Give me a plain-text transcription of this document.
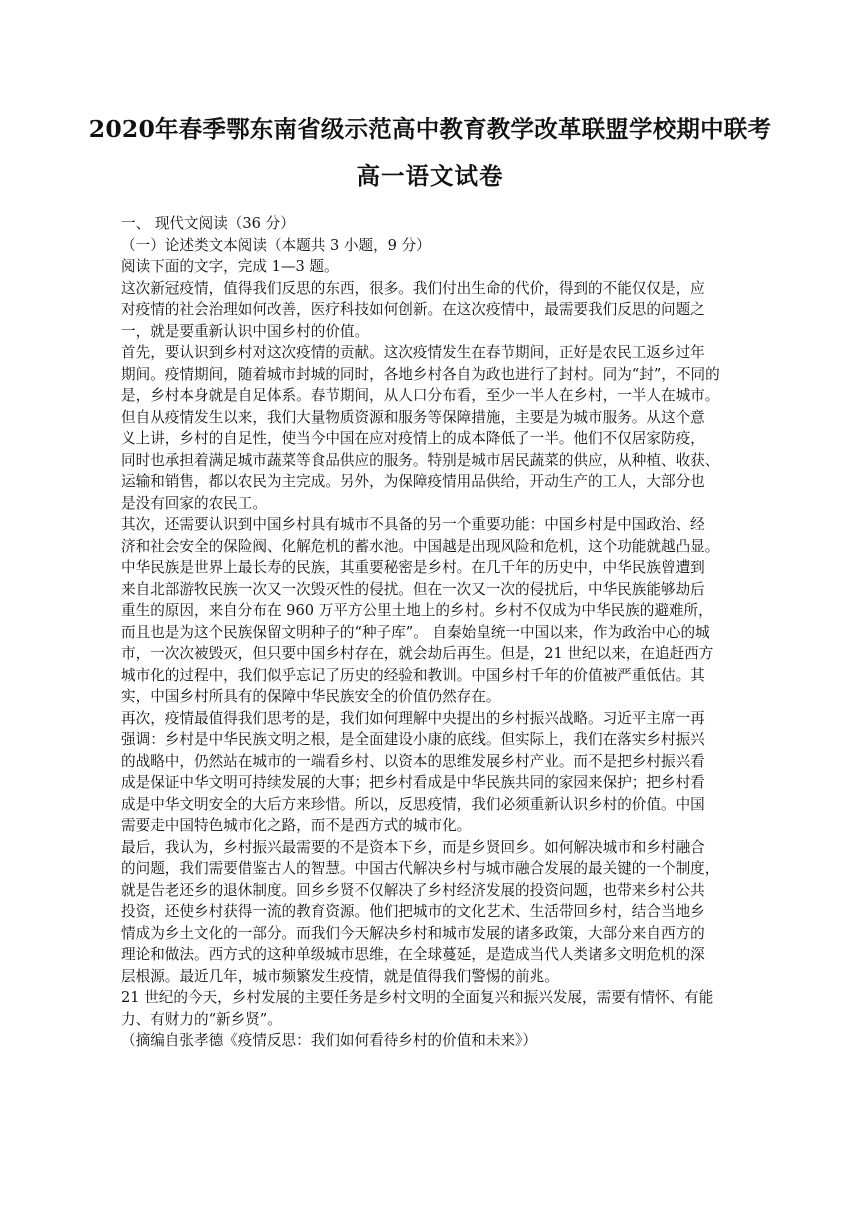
2020年春季鄂东南省级示范高中教育教学改革联盟学校期中联考
高一语文试卷
一、 现代文阅读（36 分）
（一）论述类文本阅读（本题共 3 小题，9 分）
阅读下面的文字，完成 1—3 题。
这次新冠疫情，值得我们反思的东西，很多。我们付出生命的代价，得到的不能仅仅是，应
对疫情的社会治理如何改善，医疗科技如何创新。在这次疫情中，最需要我们反思的问题之
一，就是要重新认识中国乡村的价值。
首先，要认识到乡村对这次疫情的贡献。这次疫情发生在春节期间，正好是农民工返乡过年
期间。疫情期间，随着城市封城的同时，各地乡村各自为政也进行了封村。同为“封”，不同的
是，乡村本身就是自足体系。春节期间，从人口分布看，至少一半人在乡村，一半人在城市。
但自从疫情发生以来，我们大量物质资源和服务等保障措施，主要是为城市服务。从这个意
义上讲，乡村的自足性，使当今中国在应对疫情上的成本降低了一半。他们不仅居家防疫，
同时也承担着满足城市蔬菜等食品供应的服务。特别是城市居民蔬菜的供应，从种植、收获、
运输和销售，都以农民为主完成。另外，为保障疫情用品供给，开动生产的工人，大部分也
是没有回家的农民工。
其次，还需要认识到中国乡村具有城市不具备的另一个重要功能：中国乡村是中国政治、经
济和社会安全的保险阀、化解危机的蓄水池。中国越是出现风险和危机，这个功能就越凸显。
中华民族是世界上最长寿的民族，其重要秘密是乡村。在几千年的历史中，中华民族曾遭到
来自北部游牧民族一次又一次毁灭性的侵扰。但在一次又一次的侵扰后，中华民族能够劫后
重生的原因，来自分布在 960 万平方公里土地上的乡村。乡村不仅成为中华民族的避难所，
而且也是为这个民族保留文明种子的“种子库”。 自秦始皇统一中国以来，作为政治中心的城
市，一次次被毁灭，但只要中国乡村存在，就会劫后再生。但是，21 世纪以来，在追赶西方
城市化的过程中，我们似乎忘记了历史的经验和教训。中国乡村千年的价值被严重低估。其
实，中国乡村所具有的保障中华民族安全的价值仍然存在。
再次，疫情最值得我们思考的是，我们如何理解中央提出的乡村振兴战略。习近平主席一再
强调：乡村是中华民族文明之根，是全面建设小康的底线。但实际上，我们在落实乡村振兴
的战略中，仍然站在城市的一端看乡村、以资本的思维发展乡村产业。而不是把乡村振兴看
成是保证中华文明可持续发展的大事；把乡村看成是中华民族共同的家园来保护；把乡村看
成是中华文明安全的大后方来珍惜。所以，反思疫情，我们必须重新认识乡村的价值。中国
需要走中国特色城市化之路，而不是西方式的城市化。
最后，我认为，乡村振兴最需要的不是资本下乡，而是乡贤回乡。如何解决城市和乡村融合
的问题，我们需要借鉴古人的智慧。中国古代解决乡村与城市融合发展的最关键的一个制度，
就是告老还乡的退休制度。回乡乡贤不仅解决了乡村经济发展的投资问题，也带来乡村公共
投资，还使乡村获得一流的教育资源。他们把城市的文化艺术、生活带回乡村，结合当地乡
情成为乡土文化的一部分。而我们今天解决乡村和城市发展的诸多政策，大部分来自西方的
理论和做法。西方式的这种单级城市思维，在全球蔓延，是造成当代人类诸多文明危机的深
层根源。最近几年，城市频繁发生疫情，就是值得我们警惕的前兆。
21 世纪的今天，乡村发展的主要任务是乡村文明的全面复兴和振兴发展，需要有情怀、有能
力、有财力的“新乡贤”。
（摘编自张孝德《疫情反思：我们如何看待乡村的价值和未来》）
